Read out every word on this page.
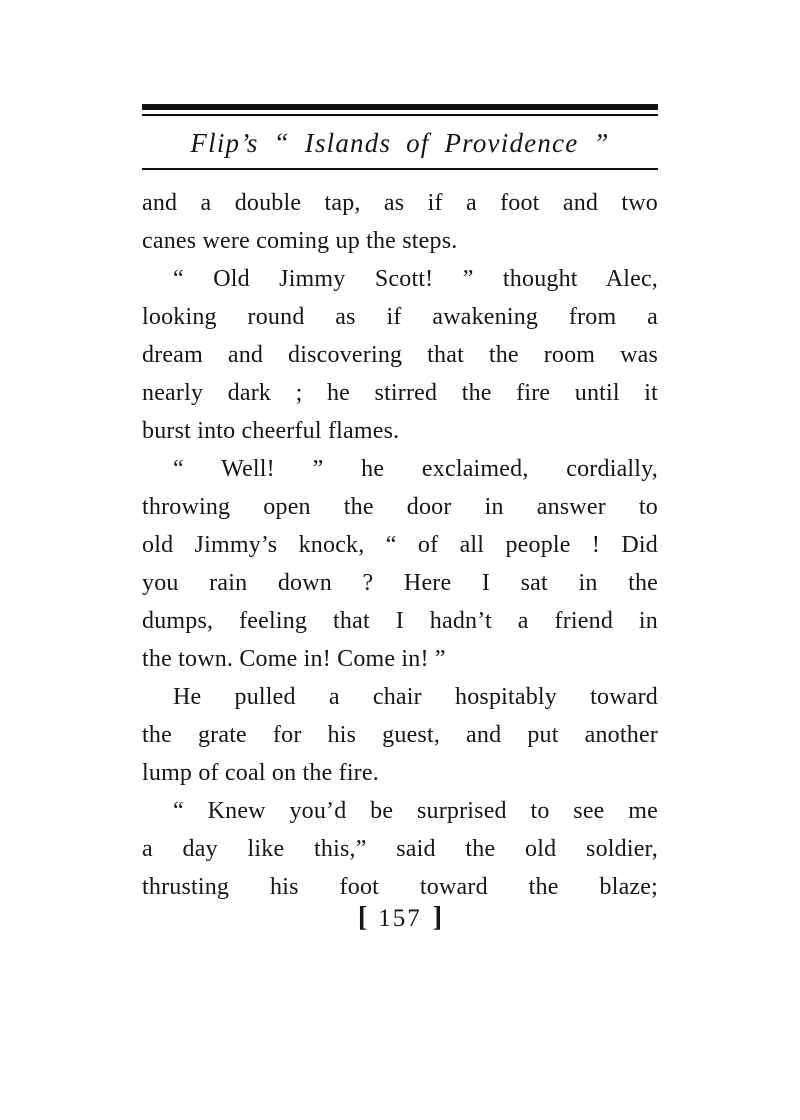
Flip’s “ Islands of Providence ”
and a double tap, as if a foot and two
canes were coming up the steps.
“ Old Jimmy Scott! ” thought Alec,
looking round as if awakening from a
dream and discovering that the room was
nearly dark ; he stirred the fire until it
burst into cheerful flames.
“ Well! ” he exclaimed, cordially,
throwing open the door in answer to
old Jimmy’s knock, “ of all people ! Did
you rain down ? Here I sat in the
dumps, feeling that I hadn’t a friend in
the town. Come in! Come in! ”
He pulled a chair hospitably toward
the grate for his guest, and put another
lump of coal on the fire.
“ Knew you’d be surprised to see me
a day like this,” said the old soldier,
thrusting his foot toward the blaze;
[ 157 ]
